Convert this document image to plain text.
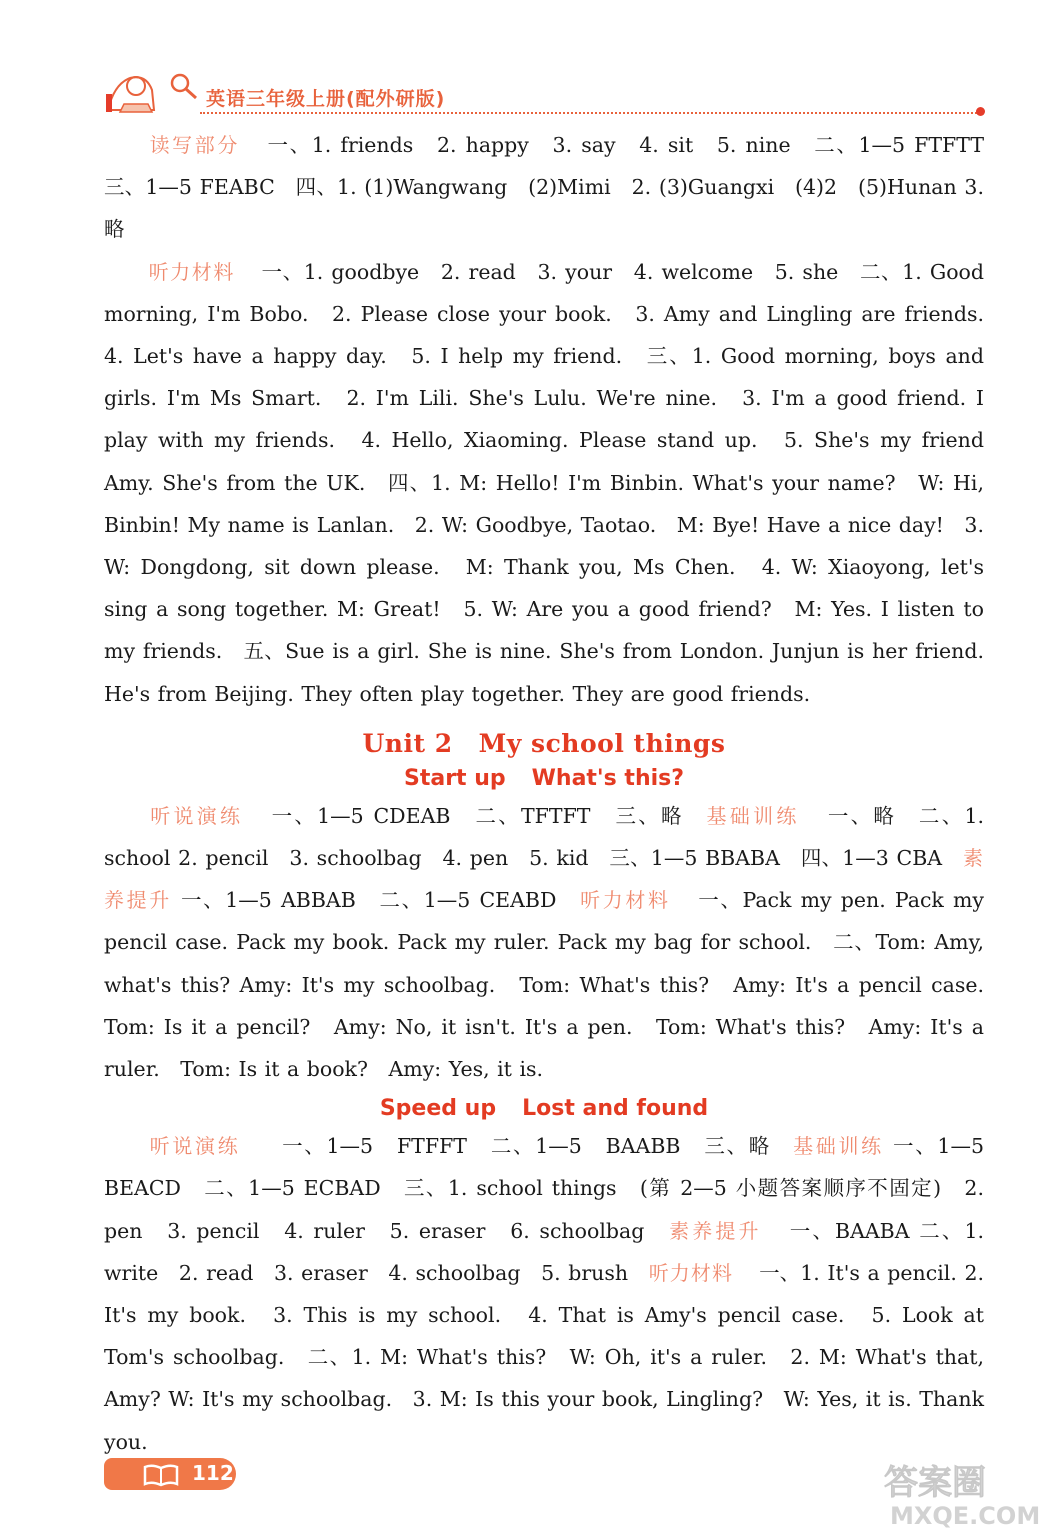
英语三年级上册(配外研版)

读写部分 一、1. friends　2. happy　3. say　4. sit　5. nine　二、1—5 FTFTT 三、1—5 FEABC　四、1. (1)Wangwang　(2)Mimi　2. (3)Guangxi　(4)2　(5)Hunan 3. 略

听力材料 一、1. goodbye　2. read　3. your　4. welcome　5. she　二、1. Good morning, I'm Bobo.　2. Please close your book.　3. Amy and Lingling are friends. 4. Let's have a happy day.　5. I help my friend.　三、1. Good morning, boys and girls. I'm Ms Smart.　2. I'm Lili. She's Lulu. We're nine.　3. I'm a good friend. I play with my friends.　4. Hello, Xiaoming. Please stand up.　5. She's my friend Amy. She's from the UK.　四、1. M: Hello! I'm Binbin. What's your name?　W: Hi, Binbin! My name is Lanlan.　2. W: Goodbye, Taotao.　M: Bye! Have a nice day!　3. W: Dongdong, sit down please.　M: Thank you, Ms Chen.　4. W: Xiaoyong, let's sing a song together. M: Great!　5. W: Are you a good friend?　M: Yes. I listen to my friends.　五、Sue is a girl. She is nine. She's from London. Junjun is her friend. He's from Beijing. They often play together. They are good friends.

Unit 2 My school things
Start up What's this?

听说演练 一、1—5 CDEAB　二、TFTFT　三、略　基础训练 一、略　二、1. school 2. pencil　3. schoolbag　4. pen　5. kid　三、1—5 BBABA　四、1—3 CBA　素养提升 一、1—5 ABBAB　二、1—5 CEABD　听力材料 一、Pack my pen. Pack my pencil case. Pack my book. Pack my ruler. Pack my bag for school.　二、Tom: Amy, what's this? Amy: It's my schoolbag.　Tom: What's this?　Amy: It's a pencil case.　Tom: Is it a pencil?　Amy: No, it isn't. It's a pen.　Tom: What's this?　Amy: It's a ruler.　Tom: Is it a book?　Amy: Yes, it is.

Speed up Lost and found

听说演练 一、1—5　FTFFT　二、1—5　BAABB　三、略　基础训练 一、1—5 BEACD　二、1—5 ECBAD　三、1. school things　(第 2—5 小题答案顺序不固定)　2. pen　3. pencil　4. ruler　5. eraser　6. schoolbag　素养提升 一、BAABA 二、1. write　2. read　3. eraser　4. schoolbag　5. brush　听力材料 一、1. It's a pencil. 2. It's my book.　3. This is my school.　4. That is Amy's pencil case.　5. Look at Tom's schoolbag.　二、1. M: What's this?　W: Oh, it's a ruler.　2. M: What's that, Amy? W: It's my schoolbag.　3. M: Is this your book, Lingling?　W: Yes, it is. Thank you.

112	答案圈
MXQE.COM
